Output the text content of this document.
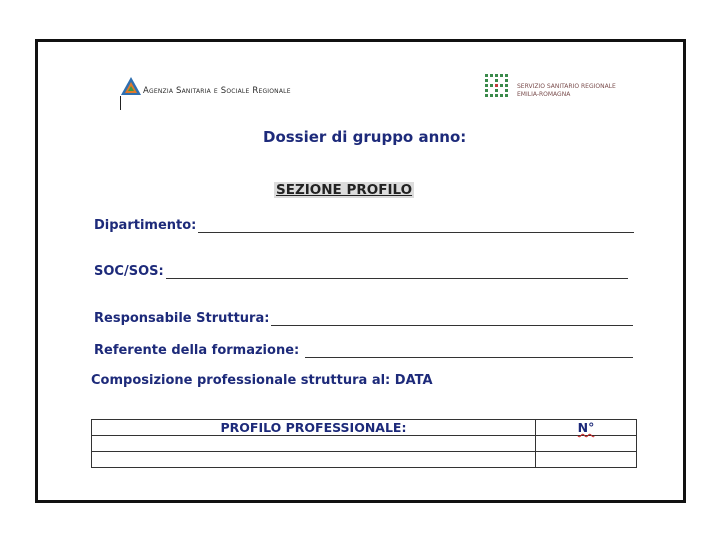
Agenzia Sanitaria e Sociale Regionale	SERVIZIO SANITARIO REGIONALE
EMILIA-ROMAGNA
Dossier di gruppo anno:
SEZIONE PROFILO
Dipartimento:
SOC/SOS:
Responsabile Struttura:
Referente della formazione:
Composizione professionale struttura al: DATA
PROFILO PROFESSIONALE:	N°
